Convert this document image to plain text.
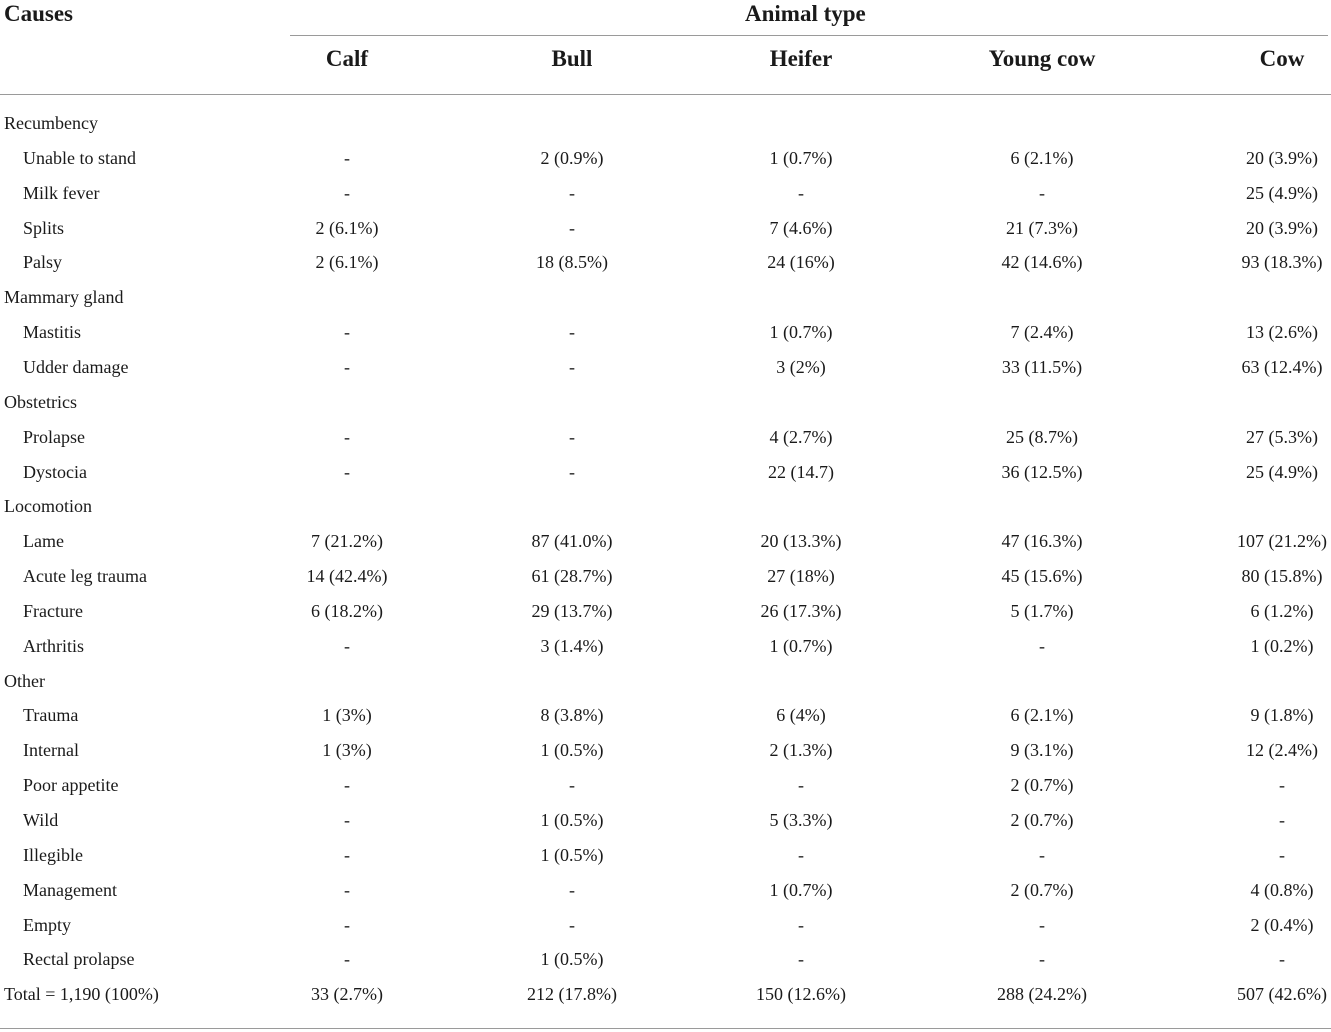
Causes	Animal type
Calf	Bull	Heifer	Young cow	Cow
Recumbency
Unable to stand	-	2 (0.9%)	1 (0.7%)	6 (2.1%)	20 (3.9%)
Milk fever	-	-	-	-	25 (4.9%)
Splits	2 (6.1%)	-	7 (4.6%)	21 (7.3%)	20 (3.9%)
Palsy	2 (6.1%)	18 (8.5%)	24 (16%)	42 (14.6%)	93 (18.3%)
Mammary gland
Mastitis	-	-	1 (0.7%)	7 (2.4%)	13 (2.6%)
Udder damage	-	-	3 (2%)	33 (11.5%)	63 (12.4%)
Obstetrics
Prolapse	-	-	4 (2.7%)	25 (8.7%)	27 (5.3%)
Dystocia	-	-	22 (14.7)	36 (12.5%)	25 (4.9%)
Locomotion
Lame	7 (21.2%)	87 (41.0%)	20 (13.3%)	47 (16.3%)	107 (21.2%)
Acute leg trauma	14 (42.4%)	61 (28.7%)	27 (18%)	45 (15.6%)	80 (15.8%)
Fracture	6 (18.2%)	29 (13.7%)	26 (17.3%)	5 (1.7%)	6 (1.2%)
Arthritis	-	3 (1.4%)	1 (0.7%)	-	1 (0.2%)
Other
Trauma	1 (3%)	8 (3.8%)	6 (4%)	6 (2.1%)	9 (1.8%)
Internal	1 (3%)	1 (0.5%)	2 (1.3%)	9 (3.1%)	12 (2.4%)
Poor appetite	-	-	-	2 (0.7%)	-
Wild	-	1 (0.5%)	5 (3.3%)	2 (0.7%)	-
Illegible	-	1 (0.5%)	-	-	-
Management	-	-	1 (0.7%)	2 (0.7%)	4 (0.8%)
Empty	-	-	-	-	2 (0.4%)
Rectal prolapse	-	1 (0.5%)	-	-	-
Total = 1,190 (100%)	33 (2.7%)	212 (17.8%)	150 (12.6%)	288 (24.2%)	507 (42.6%)
